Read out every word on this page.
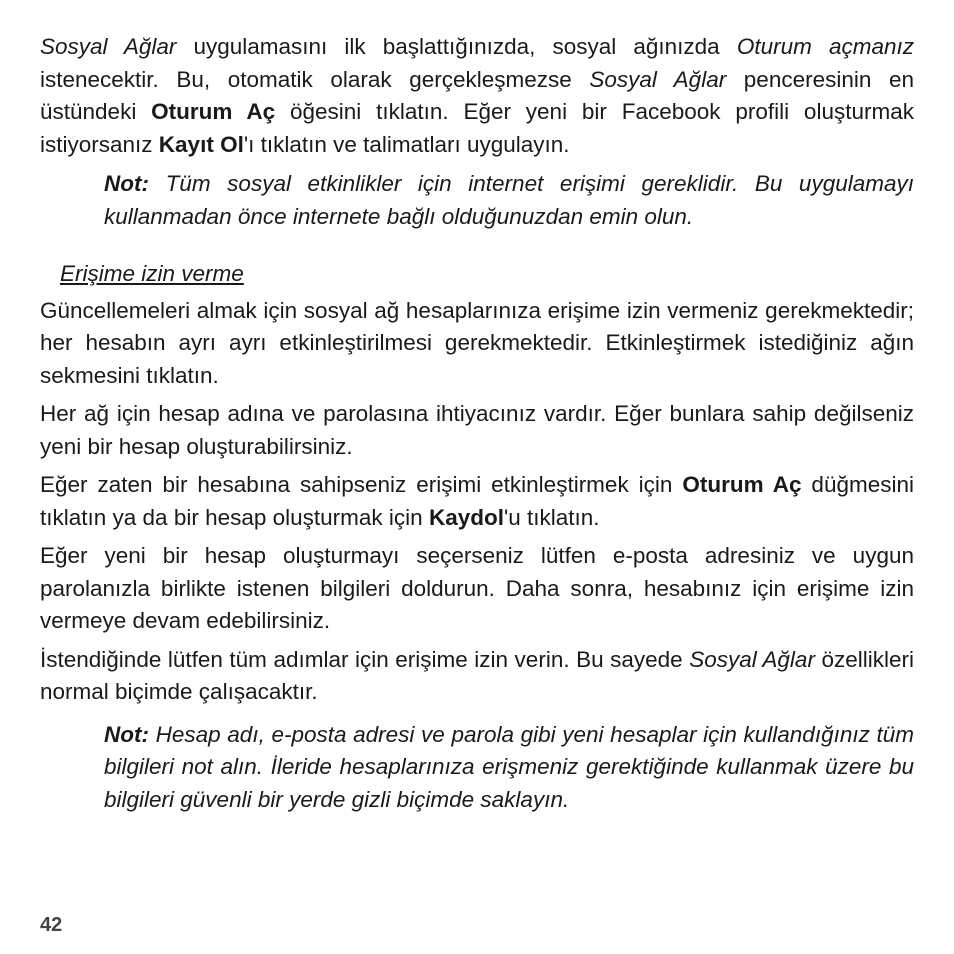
Sosyal Ağlar uygulamasını ilk başlattığınızda, sosyal ağınızda Oturum açmanız istenecektir. Bu, otomatik olarak gerçekleşmezse Sosyal Ağlar penceresinin en üstündeki Oturum Aç öğesini tıklatın. Eğer yeni bir Facebook profili oluşturmak istiyorsanız Kayıt Ol'ı tıklatın ve talimatları uygulayın.

Not: Tüm sosyal etkinlikler için internet erişimi gereklidir. Bu uygulamayı kullanmadan önce internete bağlı olduğunuzdan emin olun.

Erişime izin verme

Güncellemeleri almak için sosyal ağ hesaplarınıza erişime izin vermeniz gerekmektedir; her hesabın ayrı ayrı etkinleştirilmesi gerekmektedir. Etkinleştirmek istediğiniz ağın sekmesini tıklatın.

Her ağ için hesap adına ve parolasına ihtiyacınız vardır. Eğer bunlara sahip değilseniz yeni bir hesap oluşturabilirsiniz.

Eğer zaten bir hesabına sahipseniz erişimi etkinleştirmek için Oturum Aç düğmesini tıklatın ya da bir hesap oluşturmak için Kaydol'u tıklatın.

Eğer yeni bir hesap oluşturmayı seçerseniz lütfen e-posta adresiniz ve uygun parolanızla birlikte istenen bilgileri doldurun. Daha sonra, hesabınız için erişime izin vermeye devam edebilirsiniz.

İstendiğinde lütfen tüm adımlar için erişime izin verin. Bu sayede Sosyal Ağlar özellikleri normal biçimde çalışacaktır.

Not: Hesap adı, e-posta adresi ve parola gibi yeni hesaplar için kullandığınız tüm bilgileri not alın. İleride hesaplarınıza erişmeniz gerektiğinde kullanmak üzere bu bilgileri güvenli bir yerde gizli biçimde saklayın.

42
